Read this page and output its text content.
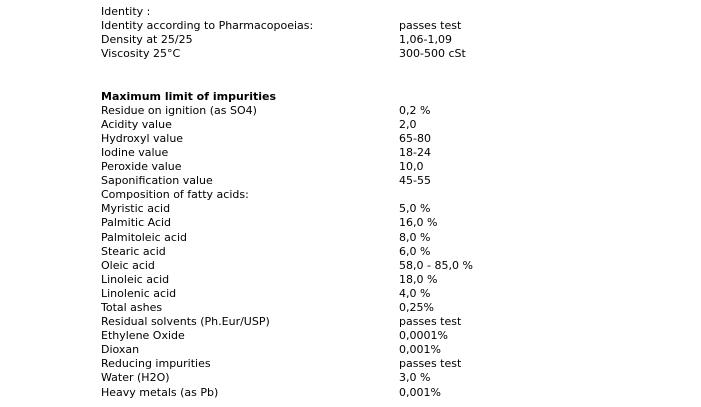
Identity :
Identity according to Pharmacopoeias:	passes test
Density at 25/25	1,06-1,09
Viscosity 25°C	300-500 cSt
Maximum limit of impurities
Residue on ignition (as SO4)	0,2 %
Acidity value	2,0
Hydroxyl value	65-80
Iodine value	18-24
Peroxide value	10,0
Saponification value	45-55
Composition of fatty acids:
Myristic acid	5,0 %
Palmitic Acid	16,0 %
Palmitoleic acid	8,0 %
Stearic acid	6,0 %
Oleic acid	58,0 - 85,0 %
Linoleic acid	18,0 %
Linolenic acid	4,0 %
Total ashes	0,25%
Residual solvents (Ph.Eur/USP)	passes test
Ethylene Oxide	0,0001%
Dioxan	0,001%
Reducing impurities	passes test
Water (H2O)	3,0 %
Heavy metals (as Pb)	0,001%
